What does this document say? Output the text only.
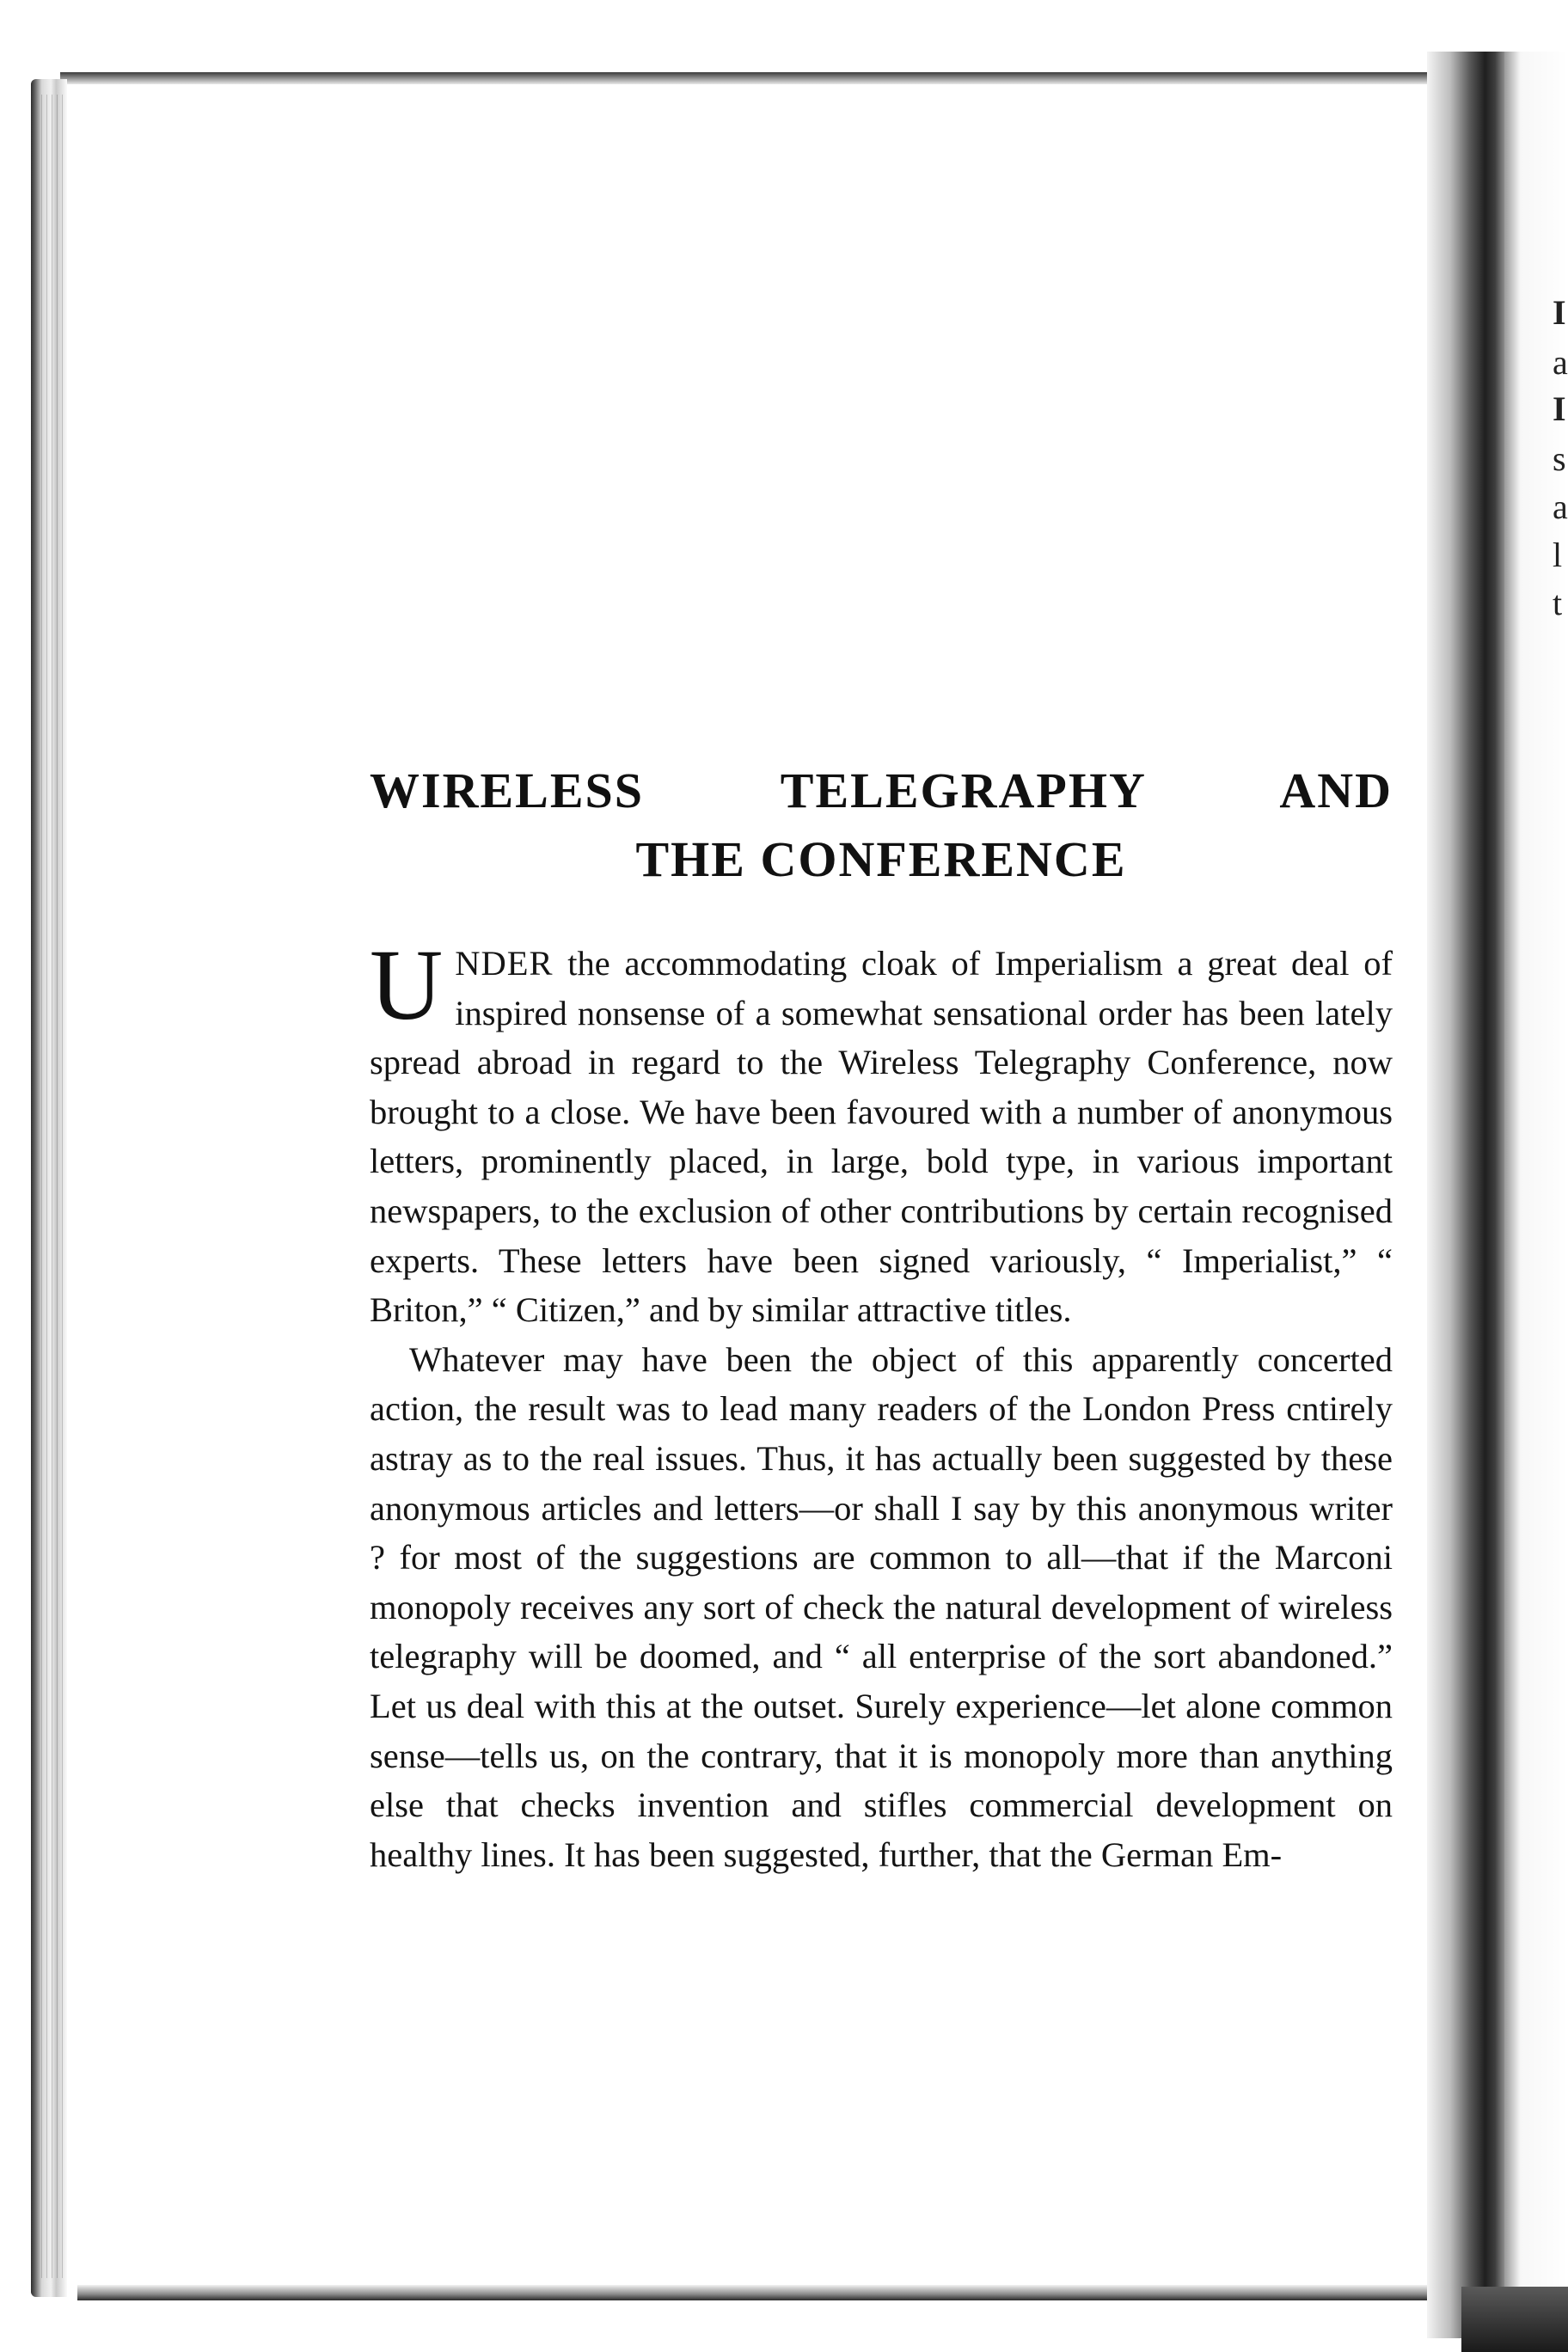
I
a
I
s
a
l
t
WIRELESS TELEGRAPHY AND
THE CONFERENCE

UNDER the accommodating cloak of Imperialism a great deal of inspired nonsense of a somewhat sensational order has been lately spread abroad in regard to the Wireless Telegraphy Conference, now brought to a close. We have been favoured with a number of anonymous letters, prominently placed, in large, bold type, in various important newspapers, to the exclusion of other contributions by certain recognised experts. These letters have been signed variously, “ Imperialist,” “ Briton,” “ Citizen,” and by similar attractive titles.

Whatever may have been the object of this apparently concerted action, the result was to lead many readers of the London Press cntirely astray as to the real issues. Thus, it has actually been suggested by these anonymous articles and letters—or shall I say by this anonymous writer ? for most of the suggestions are common to all—that if the Marconi monopoly receives any sort of check the natural development of wireless telegraphy will be doomed, and “ all enterprise of the sort abandoned.” Let us deal with this at the outset. Surely experience—let alone common sense—tells us, on the contrary, that it is monopoly more than anything else that checks invention and stifles commercial development on healthy lines. It has been suggested, further, that the German Em-
